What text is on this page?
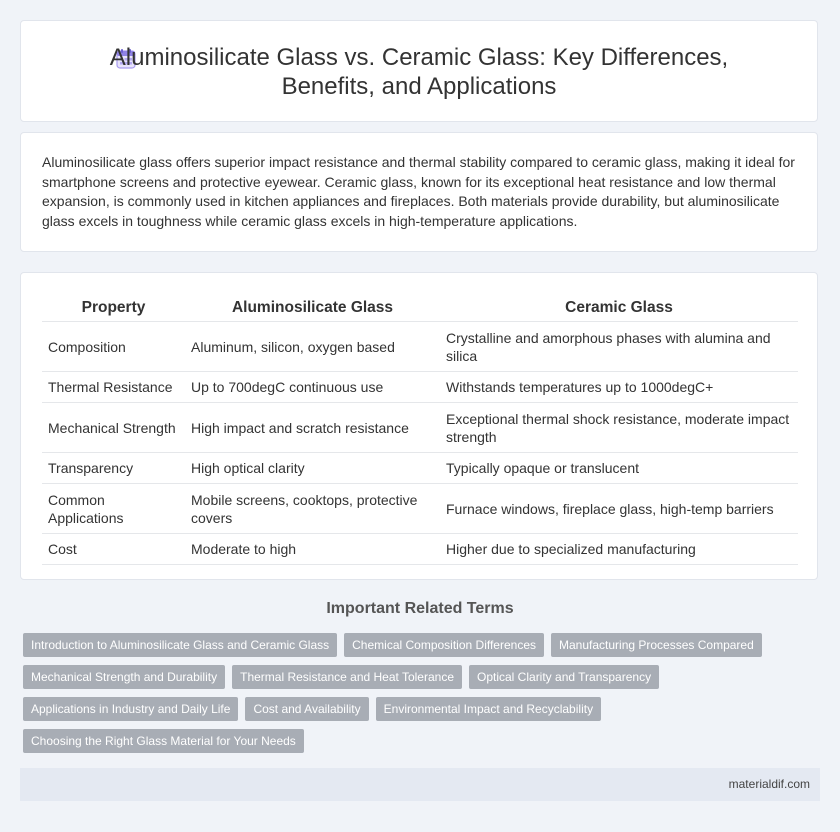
Aluminosilicate Glass vs. Ceramic Glass: Key Differences, Benefits, and Applications

Aluminosilicate glass offers superior impact resistance and thermal stability compared to ceramic glass, making it ideal for smartphone screens and protective eyewear. Ceramic glass, known for its exceptional heat resistance and low thermal expansion, is commonly used in kitchen appliances and fireplaces. Both materials provide durability, but aluminosilicate glass excels in toughness while ceramic glass excels in high-temperature applications.

Property	Aluminosilicate Glass	Ceramic Glass
Composition	Aluminum, silicon, oxygen based	Crystalline and amorphous phases with alumina and silica
Thermal Resistance	Up to 700degC continuous use	Withstands temperatures up to 1000degC+
Mechanical Strength	High impact and scratch resistance	Exceptional thermal shock resistance, moderate impact strength
Transparency	High optical clarity	Typically opaque or translucent
Common Applications	Mobile screens, cooktops, protective covers	Furnace windows, fireplace glass, high-temp barriers
Cost	Moderate to high	Higher due to specialized manufacturing
Important Related Terms
Introduction to Aluminosilicate Glass and Ceramic Glass Chemical Composition Differences Manufacturing Processes ComparedMechanical Strength and Durability Thermal Resistance and Heat Tolerance Optical Clarity and TransparencyApplications in Industry and Daily Life Cost and Availability Environmental Impact and RecyclabilityChoosing the Right Glass Material for Your Needs
materialdif.com
